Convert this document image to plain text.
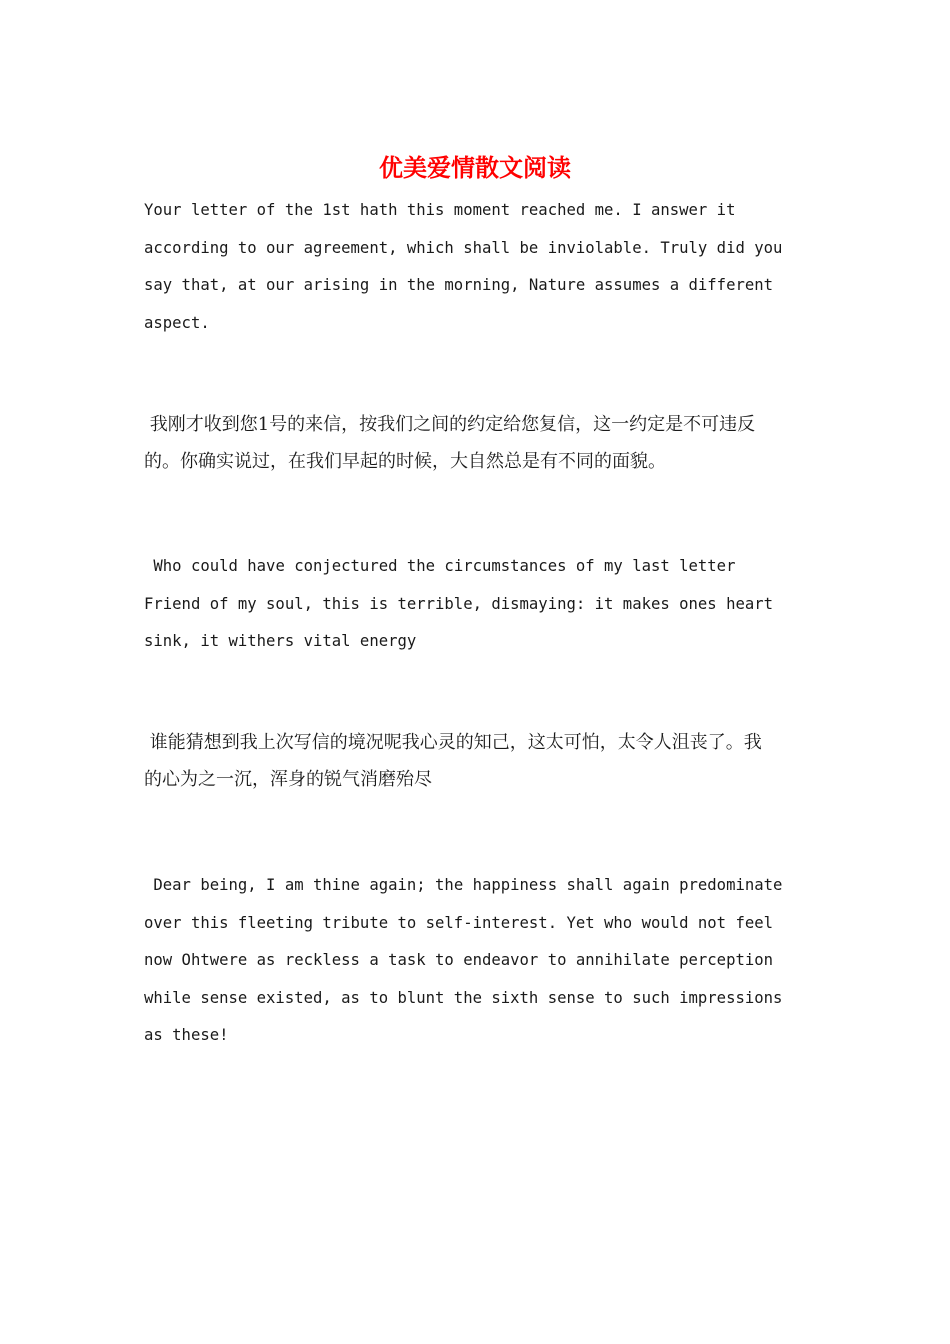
优美爱情散文阅读

Your letter of the 1st hath this moment reached me. I answer it
according to our agreement, which shall be inviolable. Truly did you
say that, at our arising in the morning, Nature assumes a different
aspect.

我刚才收到您1号的来信，按我们之间的约定给您复信，这一约定是不可违反
的。你确实说过，在我们早起的时候，大自然总是有不同的面貌。

Who could have conjectured the circumstances of my last letter
Friend of my soul, this is terrible, dismaying: it makes ones heart
sink, it withers vital energy

谁能猜想到我上次写信的境况呢我心灵的知己，这太可怕，太令人沮丧了。我
的心为之一沉，浑身的锐气消磨殆尽

Dear being, I am thine again; the happiness shall again predominate
over this fleeting tribute to self-interest. Yet who would not feel
now Ohtwere as reckless a task to endeavor to annihilate perception
while sense existed, as to blunt the sixth sense to such impressions
as these!
